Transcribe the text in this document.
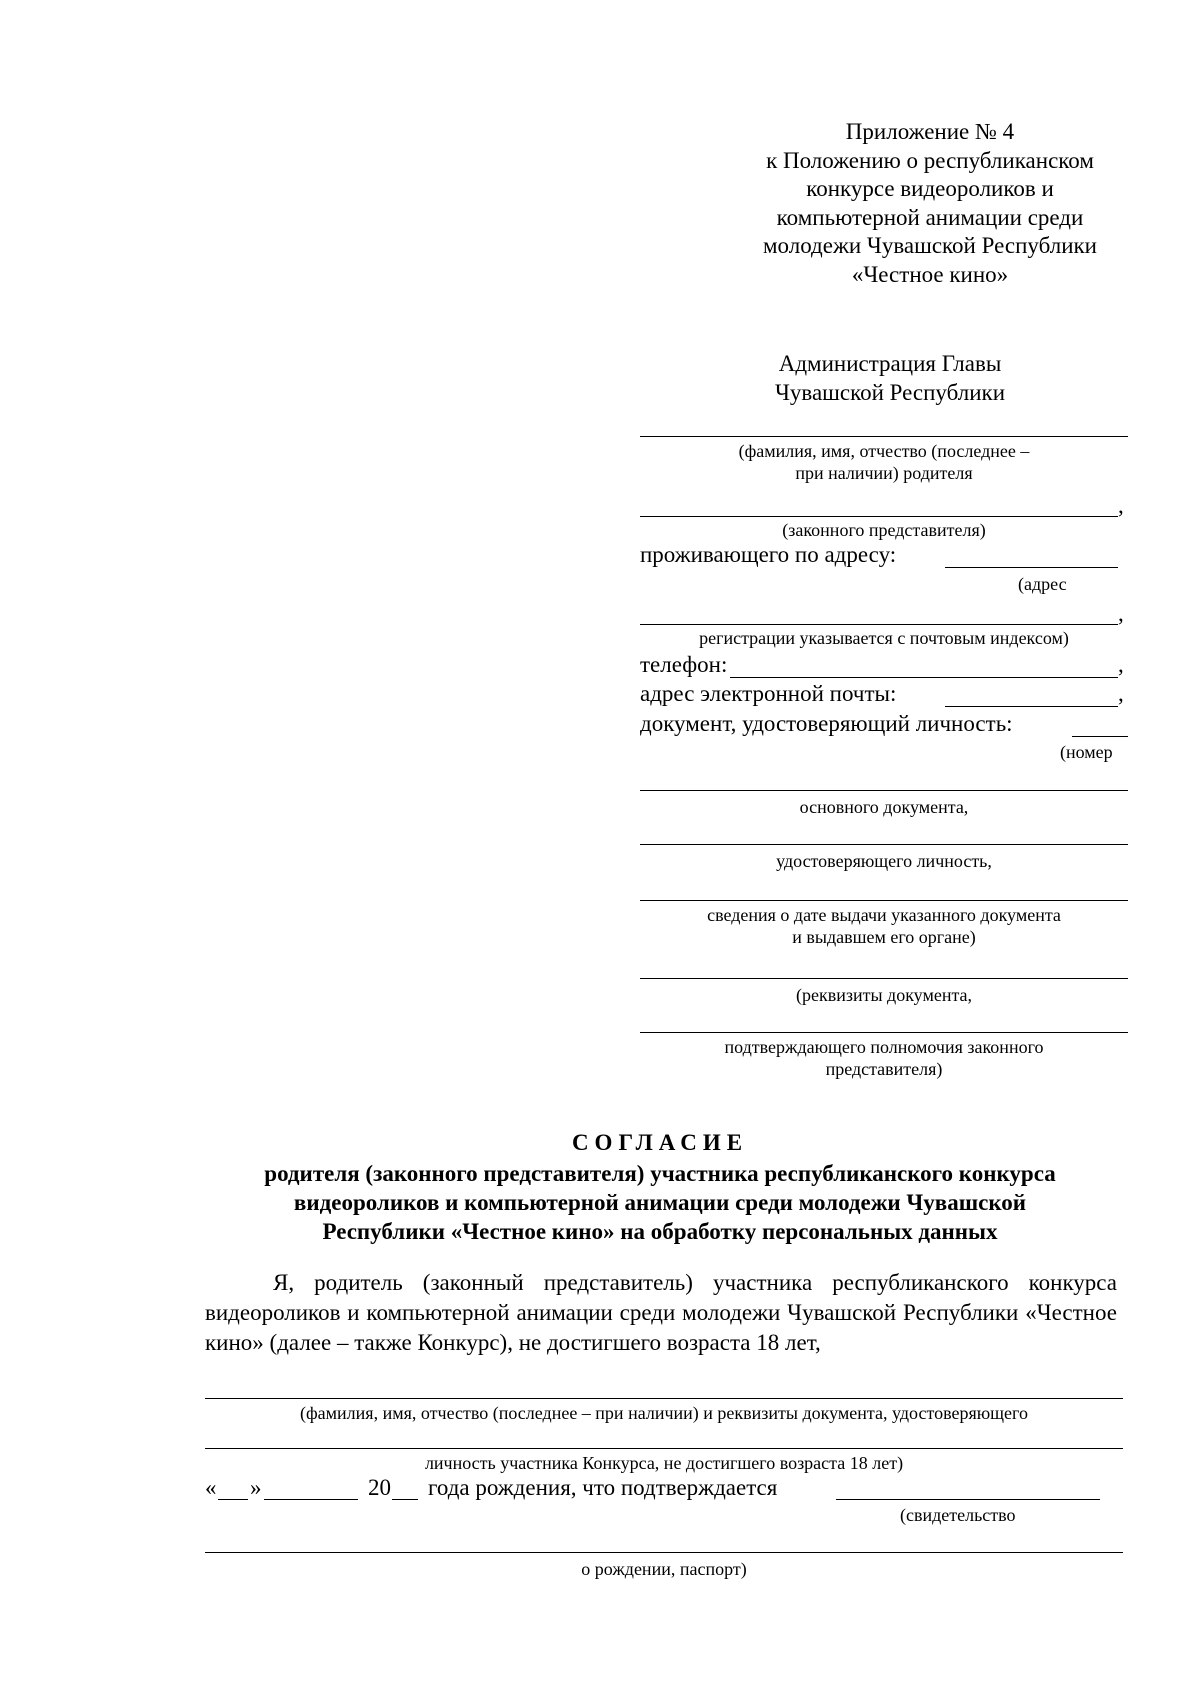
Приложение № 4
к Положению о республиканском
конкурсе видеороликов и
компьютерной анимации среди
молодежи Чувашской Республики
«Честное кино»
Администрация Главы
Чувашской Республики
(фамилия, имя, отчество (последнее –
при наличии) родителя
,
(законного представителя)
проживающего по адресу:
(адрес
,
регистрации указывается с почтовым индексом)
телефон:	,
адрес электронной почты:	,
документ, удостоверяющий личность:
(номер
основного документа,
удостоверяющего личность,
сведения о дате выдачи указанного документа
и выдавшем его органе)
(реквизиты документа,
подтверждающего полномочия законного
представителя)
СОГЛАСИЕ
родителя (законного представителя) участника республиканского конкурса
видеороликов и компьютерной анимации среди молодежи Чувашской
Республики «Честное кино» на обработку персональных данных
Я, родитель (законный представитель) участника республиканского конкурса видеороликов и компьютерной анимации среди молодежи Чувашской Республики «Честное кино» (далее – также Конкурс), не достигшего возраста 18 лет,
(фамилия, имя, отчество (последнее – при наличии) и реквизиты документа, удостоверяющего
личность участника Конкурса, не достигшего возраста 18 лет)
« »	20 года рождения, что подтверждается
(свидетельство
о рождении, паспорт)
